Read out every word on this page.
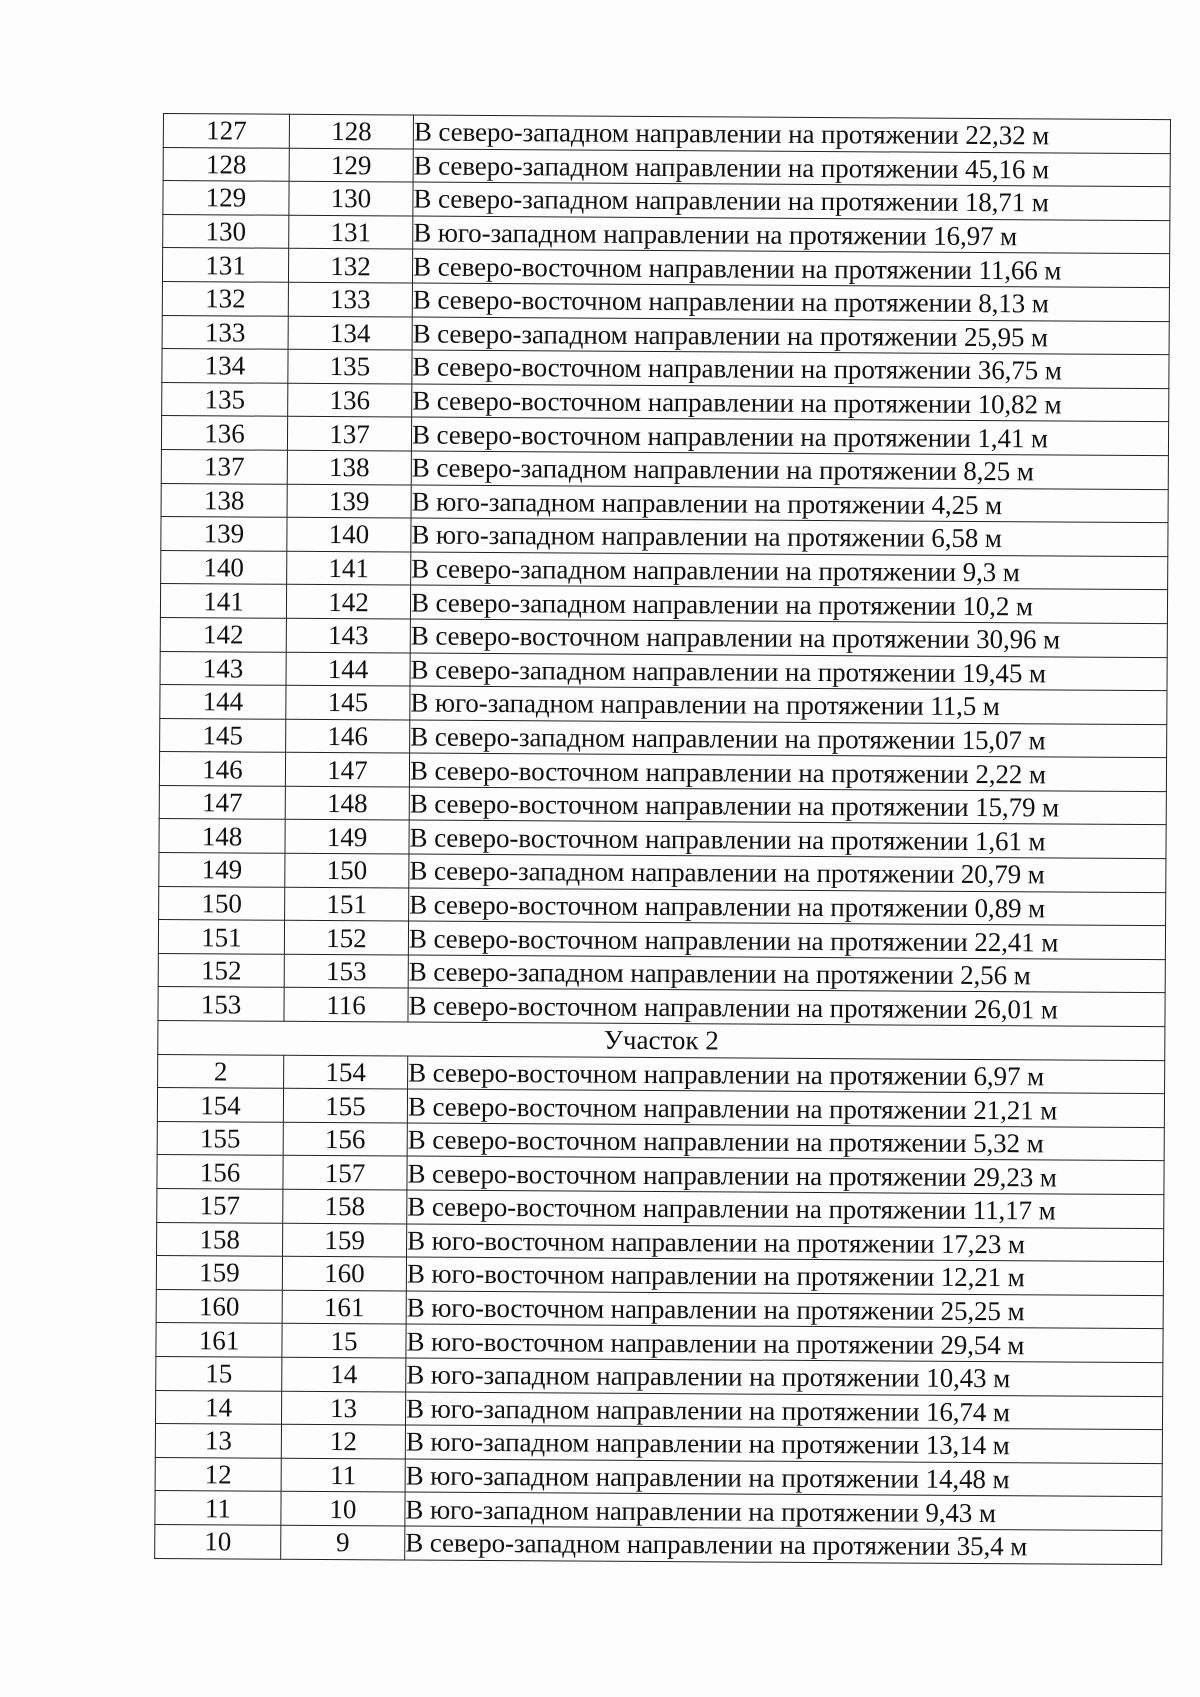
127	128	В северо-западном направлении на протяжении 22,32 м
128	129	В северо-западном направлении на протяжении 45,16 м
129	130	В северо-западном направлении на протяжении 18,71 м
130	131	В юго-западном направлении на протяжении 16,97 м
131	132	В северо-восточном направлении на протяжении 11,66 м
132	133	В северо-восточном направлении на протяжении 8,13 м
133	134	В северо-западном направлении на протяжении 25,95 м
134	135	В северо-восточном направлении на протяжении 36,75 м
135	136	В северо-восточном направлении на протяжении 10,82 м
136	137	В северо-восточном направлении на протяжении 1,41 м
137	138	В северо-западном направлении на протяжении 8,25 м
138	139	В юго-западном направлении на протяжении 4,25 м
139	140	В юго-западном направлении на протяжении 6,58 м
140	141	В северо-западном направлении на протяжении 9,3 м
141	142	В северо-западном направлении на протяжении 10,2 м
142	143	В северо-восточном направлении на протяжении 30,96 м
143	144	В северо-западном направлении на протяжении 19,45 м
144	145	В юго-западном направлении на протяжении 11,5 м
145	146	В северо-западном направлении на протяжении 15,07 м
146	147	В северо-восточном направлении на протяжении 2,22 м
147	148	В северо-восточном направлении на протяжении 15,79 м
148	149	В северо-восточном направлении на протяжении 1,61 м
149	150	В северо-западном направлении на протяжении 20,79 м
150	151	В северо-восточном направлении на протяжении 0,89 м
151	152	В северо-восточном направлении на протяжении 22,41 м
152	153	В северо-западном направлении на протяжении 2,56 м
153	116	В северо-восточном направлении на протяжении 26,01 м
Участок 2		
2	154	В северо-восточном направлении на протяжении 6,97 м
154	155	В северо-восточном направлении на протяжении 21,21 м
155	156	В северо-восточном направлении на протяжении 5,32 м
156	157	В северо-восточном направлении на протяжении 29,23 м
157	158	В северо-восточном направлении на протяжении 11,17 м
158	159	В юго-восточном направлении на протяжении 17,23 м
159	160	В юго-восточном направлении на протяжении 12,21 м
160	161	В юго-восточном направлении на протяжении 25,25 м
161	15	В юго-восточном направлении на протяжении 29,54 м
15	14	В юго-западном направлении на протяжении 10,43 м
14	13	В юго-западном направлении на протяжении 16,74 м
13	12	В юго-западном направлении на протяжении 13,14 м
12	11	В юго-западном направлении на протяжении 14,48 м
11	10	В юго-западном направлении на протяжении 9,43 м
10	9	В северо-западном направлении на протяжении 35,4 м
